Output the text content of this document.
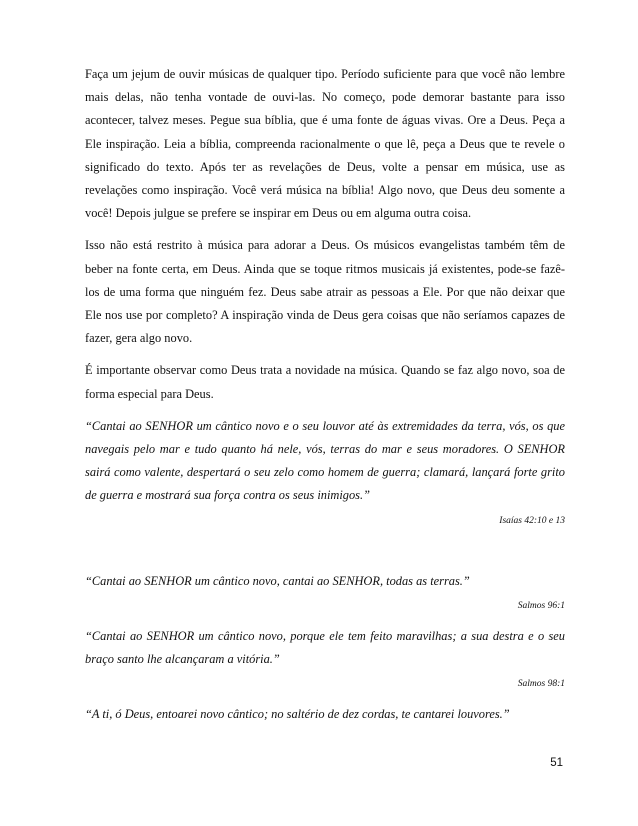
Faça um jejum de ouvir músicas de qualquer tipo. Período suficiente para que você não lembre mais delas, não tenha vontade de ouvi-las. No começo, pode demorar bastante para isso acontecer, talvez meses. Pegue sua bíblia, que é uma fonte de águas vivas. Ore a Deus. Peça a Ele inspiração. Leia a bíblia, compreenda racionalmente o que lê, peça a Deus que te revele o significado do texto. Após ter as revelações de Deus, volte a pensar em música, use as revelações como inspiração. Você verá música na bíblia! Algo novo, que Deus deu somente a você! Depois julgue se prefere se inspirar em Deus ou em alguma outra coisa.

Isso não está restrito à música para adorar a Deus. Os músicos evangelistas também têm de beber na fonte certa, em Deus. Ainda que se toque ritmos musicais já existentes, pode-se fazê-los de uma forma que ninguém fez. Deus sabe atrair as pessoas a Ele. Por que não deixar que Ele nos use por completo? A inspiração vinda de Deus gera coisas que não seríamos capazes de fazer, gera algo novo.

É importante observar como Deus trata a novidade na música. Quando se faz algo novo, soa de forma especial para Deus.

“Cantai ao SENHOR um cântico novo e o seu louvor até às extremidades da terra, vós, os que navegais pelo mar e tudo quanto há nele, vós, terras do mar e seus moradores. O SENHOR sairá como valente, despertará o seu zelo como homem de guerra; clamará, lançará forte grito de guerra e mostrará sua força contra os seus inimigos.”

Isaías 42:10 e 13

“Cantai ao SENHOR um cântico novo, cantai ao SENHOR, todas as terras.”

Salmos 96:1

“Cantai ao SENHOR um cântico novo, porque ele tem feito maravilhas; a sua destra e o seu braço santo lhe alcançaram a vitória.”

Salmos 98:1

“A ti, ó Deus, entoarei novo cântico; no saltério de dez cordas, te cantarei louvores.”

51
